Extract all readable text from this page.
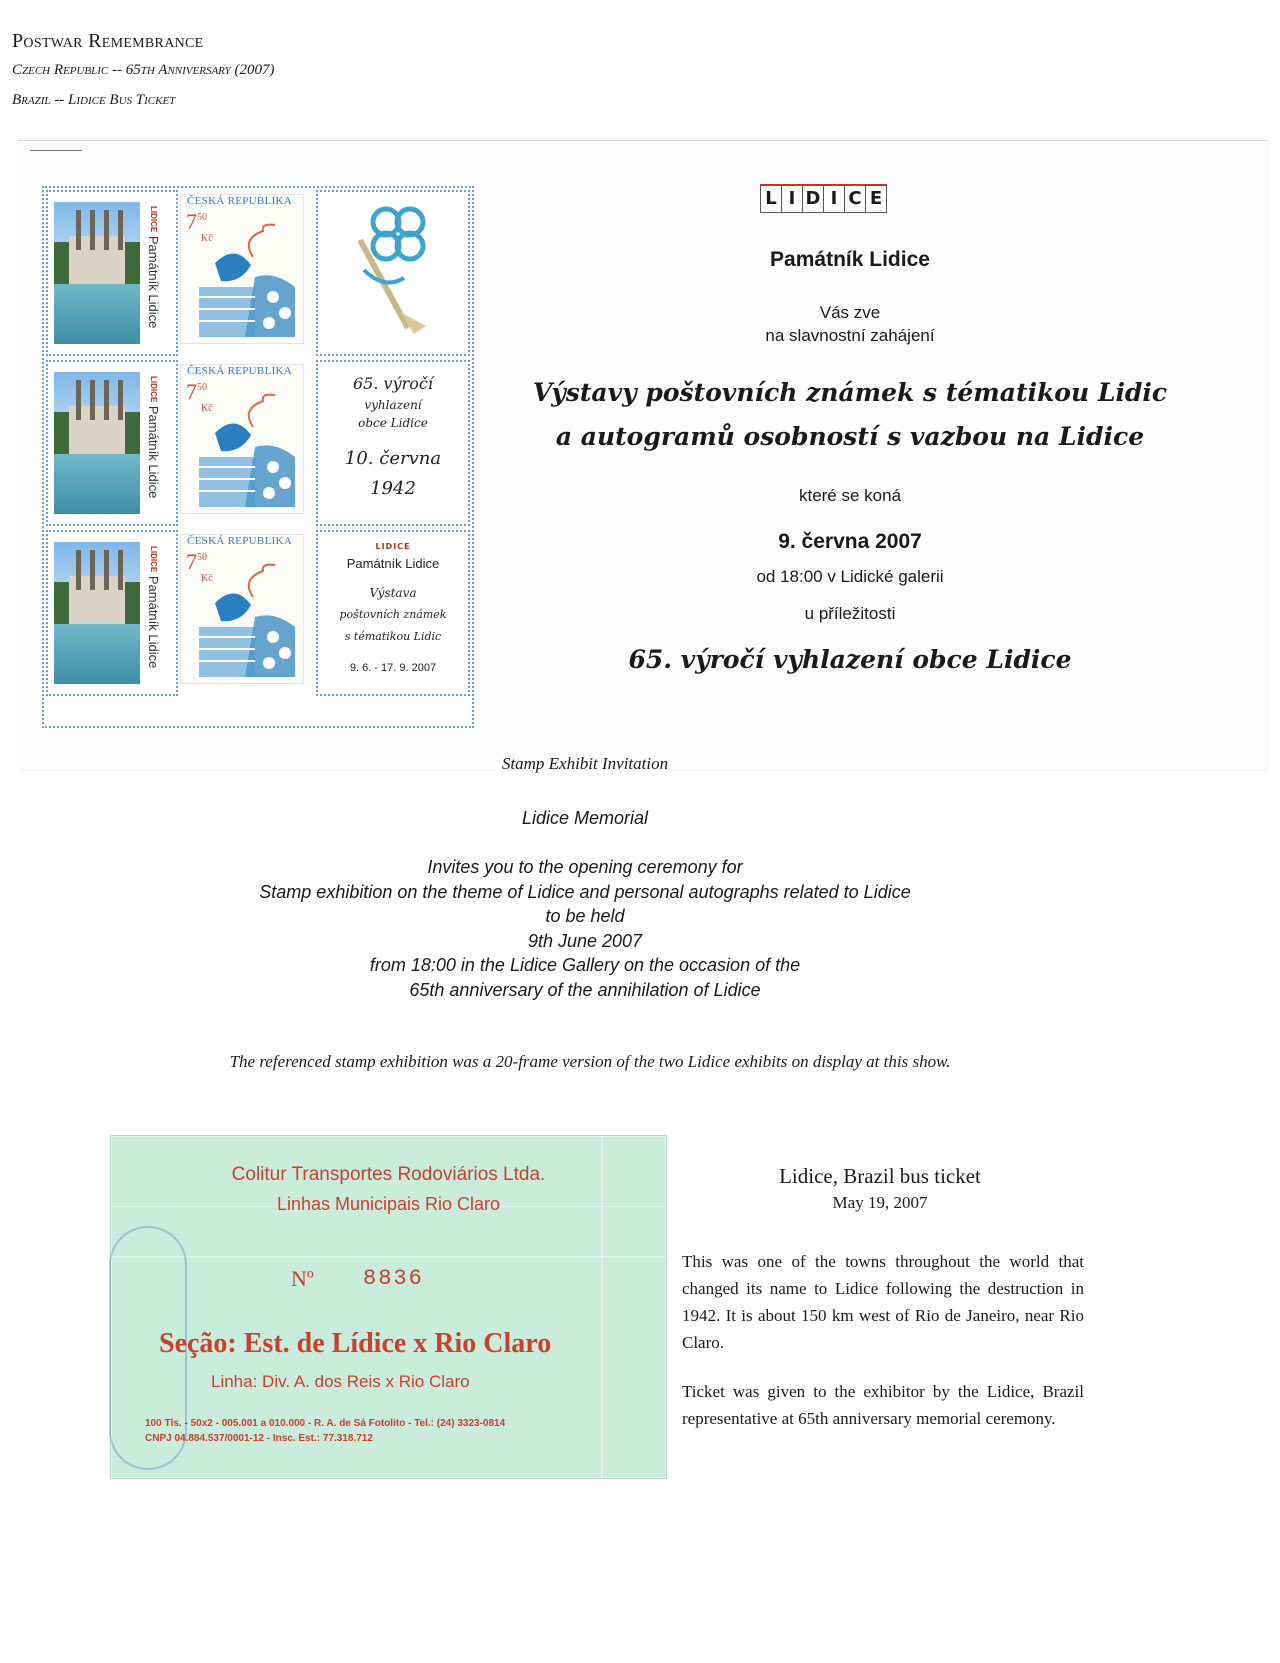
Postwar Remembrance
Czech Republic -- 65th Anniversary (2007)
Brazil -- Lidice Bus Ticket
LIDICE Památník Lidice
ČESKÁ REPUBLIKA
$7^{50}$
Kč
LIDICE Památník Lidice
ČESKÁ REPUBLIKA
$7^{50}$
Kč
65. výročí
vyhlazení
obce Lidice
10. června
1942
LIDICE Památník Lidice
ČESKÁ REPUBLIKA
$7^{50}$
Kč
LIDICE
Památník Lidice
Výstava
poštovních známek
s tématikou Lidic
9. 6. - 17. 9. 2007
L I D I C E
Památník Lidice
Vás zve
na slavnostní zahájení
Výstavy poštovních známek s tématikou Lidic
a autogramů osobností s vazbou na Lidice
které se koná
9. června 2007
od 18:00 v Lidické galerii
u příležitosti
65. výročí vyhlazení obce Lidice
Stamp Exhibit Invitation
Lidice Memorial
Invites you to the opening ceremony for
Stamp exhibition on the theme of Lidice and personal autographs related to Lidice
to be held
9th June 2007
from 18:00 in the Lidice Gallery on the occasion of the
65th anniversary of the annihilation of Lidice
The referenced stamp exhibition was a 20-frame version of the two Lidice exhibits on display at this show.
Colitur Transportes Rodoviários Ltda.
Linhas Municipais Rio Claro
Nº 8836
Seção: Est. de Lídice x Rio Claro
Linha: Div. A. dos Reis x Rio Claro
100 Tls. - 50x2 - 005.001 a 010.000 - R. A. de Sá Fotolito - Tel.: (24) 3323-0814
CNPJ 04.884.537/0001-12 - Insc. Est.: 77.318.712
Lidice, Brazil bus ticket
May 19, 2007
This was one of the towns throughout the world that changed its name to Lidice following the destruction in 1942. It is about 150 km west of Rio de Janeiro, near Rio Claro.
Ticket was given to the exhibitor by the Lidice, Brazil representative at 65th anniversary memorial ceremony.
